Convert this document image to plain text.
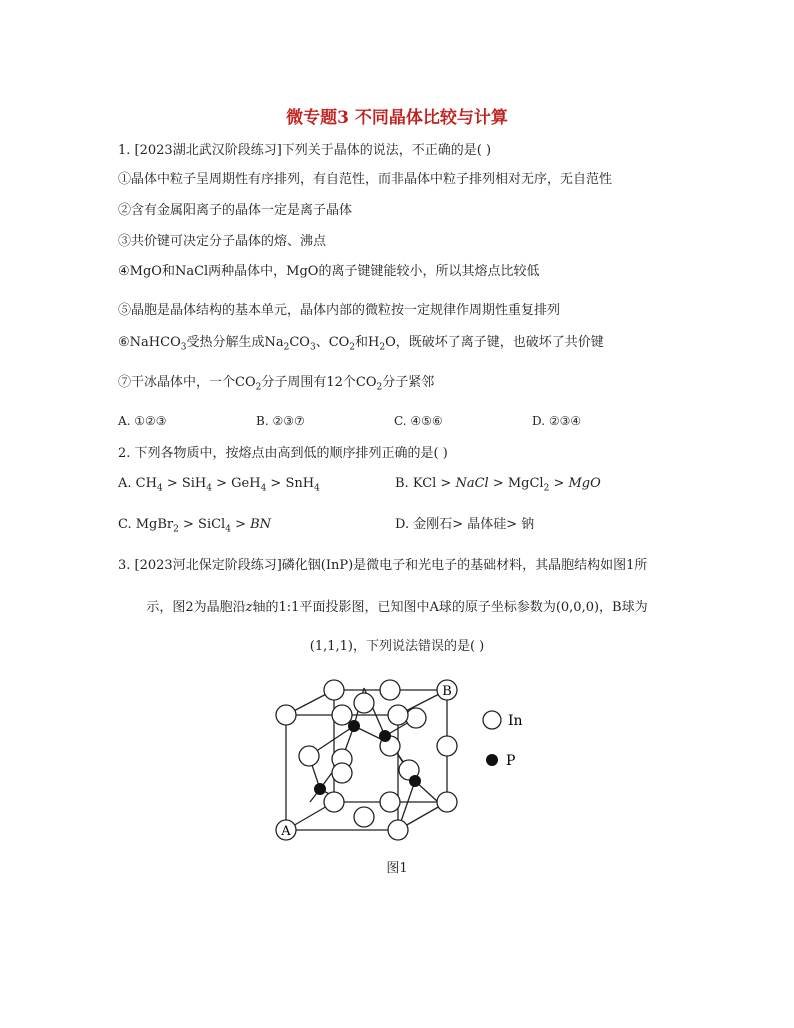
微专题3 不同晶体比较与计算
1. [2023湖北武汉阶段练习]下列关于晶体的说法，不正确的是( )
①晶体中粒子呈周期性有序排列，有自范性，而非晶体中粒子排列相对无序，无自范性
②含有金属阳离子的晶体一定是离子晶体
③共价键可决定分子晶体的熔、沸点
④MgO和NaCl两种晶体中，MgO的离子键键能较小，所以其熔点比较低
⑤晶胞是晶体结构的基本单元，晶体内部的微粒按一定规律作周期性重复排列
⑥NaHCO$_3$受热分解生成$Na_2CO_3$、$CO_2$和$H_2O$，既破坏了离子键，也破坏了共价键
⑦干冰晶体中，一个$CO_2$分子周围有12个$CO_2$分子紧邻
A. ①②③	B. ②③⑦	C. ④⑤⑥	D. ②③④
2. 下列各物质中，按熔点由高到低的顺序排列正确的是( )
A. $CH_4 > SiH_4 > GeH_4 > SnH_4$	B. KCl > NaCl > MgCl$_2$ > MgO
C. MgBr$_2$ > SiCl$_4$ > BN	D. 金刚石> 晶体硅> 钠
3. [2023河北保定阶段练习]磷化铟(InP)是微电子和光电子的基础材料，其晶胞结构如图1所
示，图2为晶胞沿z轴的1:1平面投影图，已知图中A球的原子坐标参数为(0,0,0)，B球为
(1,1,1)，下列说法错误的是( )
A
B
In
P
图1
